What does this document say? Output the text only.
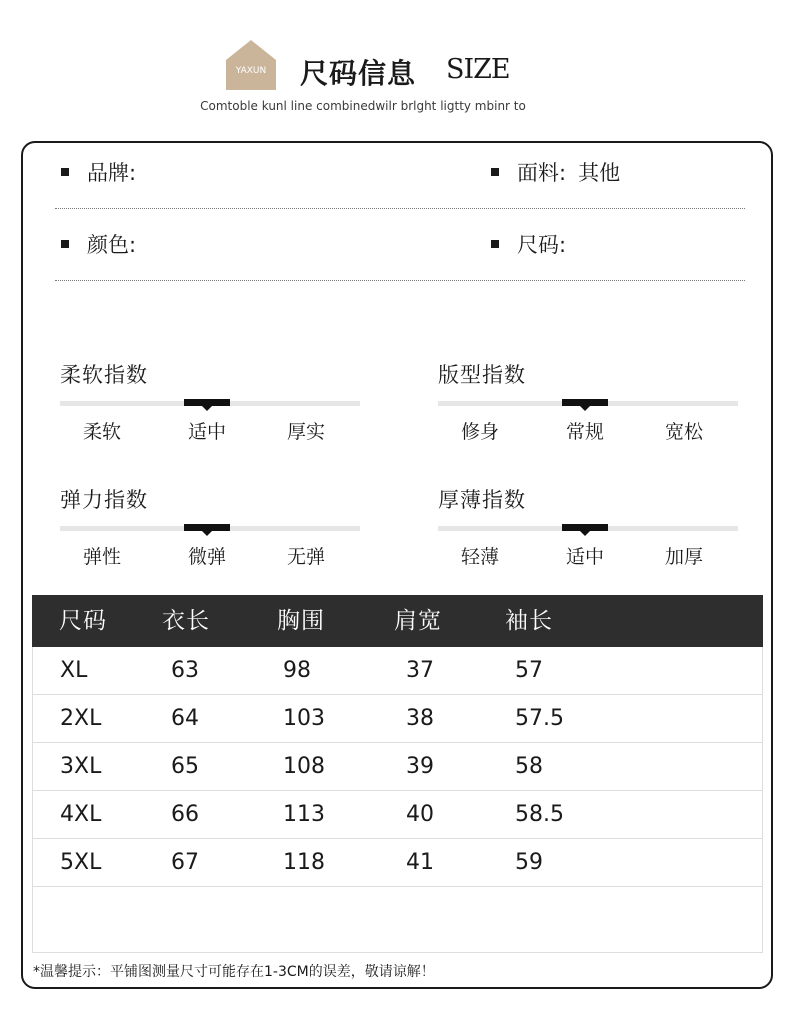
YAXUN	尺码信息 SIZE
Comtoble kunl line combinedwilr brlght ligtty mbinr to
品牌:	面料: 其他
颜色:	尺码:
柔软指数
柔软	适中	厚实
版型指数
修身	常规	宽松
弹力指数
弹性	微弹	无弹
厚薄指数
轻薄	适中	加厚
尺码 衣长	胸围	肩宽	袖长
XL	63	98	37	57
2XL	64	103	38	57.5
3XL	65	108	39	58
4XL	66	113	40	58.5
5XL	67	118	41	59
*温馨提示：平铺图测量尺寸可能存在1-3CM的误差，敬请谅解！
